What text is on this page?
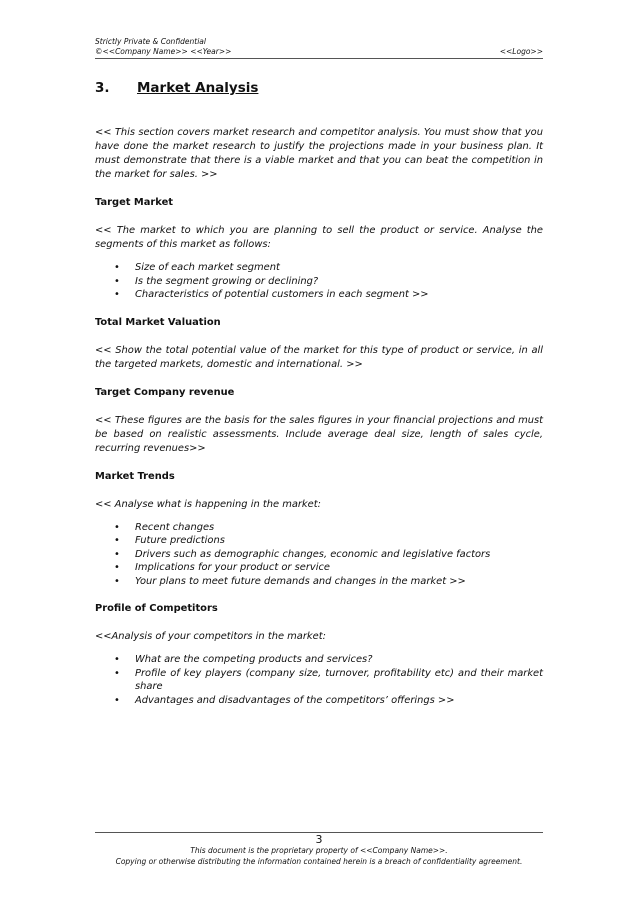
Strictly Private & Confidential
©<<Company Name>> <<Year>>	<<Logo>>
3. Market Analysis

<< This section covers market research and competitor analysis. You must show that you have done the market research to justify the projections made in your business plan. It must demonstrate that there is a viable market and that you can beat the competition in the market for sales. >>

Target Market

<< The market to which you are planning to sell the product or service. Analyse the segments of this market as follows:

• Size of each market segment
• Is the segment growing or declining?
• Characteristics of potential customers in each segment >>

Total Market Valuation

<< Show the total potential value of the market for this type of product or service, in all the targeted markets, domestic and international. >>

Target Company revenue

<< These figures are the basis for the sales figures in your financial projections and must be based on realistic assessments. Include average deal size, length of sales cycle, recurring revenues>>

Market Trends

<< Analyse what is happening in the market:

• Recent changes
• Future predictions
• Drivers such as demographic changes, economic and legislative factors
• Implications for your product or service
• Your plans to meet future demands and changes in the market >>

Profile of Competitors

<<Analysis of your competitors in the market:

• What are the competing products and services?
• Profile of key players (company size, turnover, profitability etc) and their market share
• Advantages and disadvantages of the competitors’ offerings >>
3
This document is the proprietary property of <<Company Name>>.
Copying or otherwise distributing the information contained herein is a breach of confidentiality agreement.
